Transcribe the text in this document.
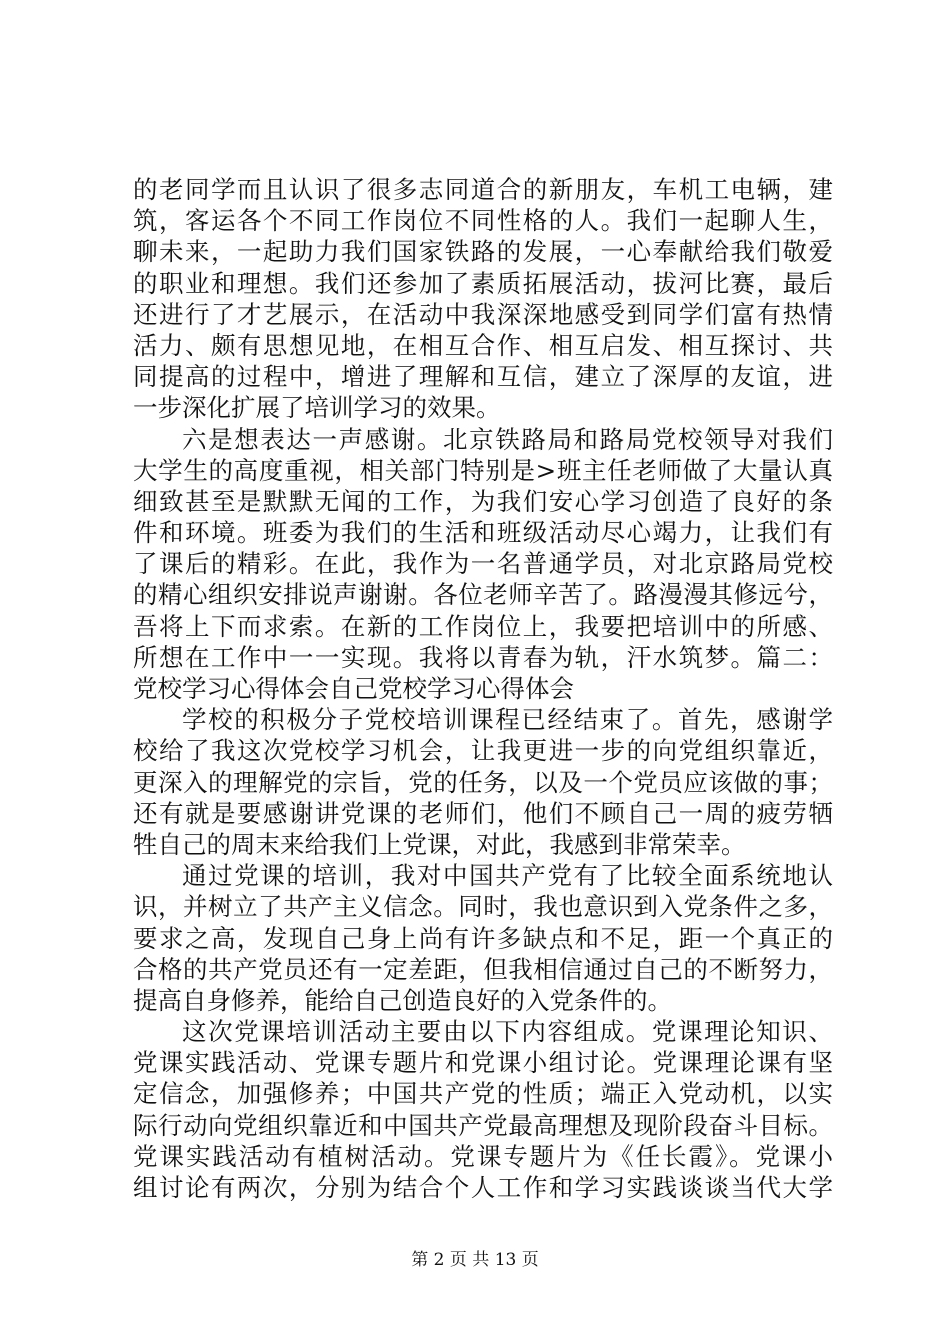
的老同学而且认识了很多志同道合的新朋友，车机工电辆，建
筑，客运各个不同工作岗位不同性格的人。我们一起聊人生，
聊未来，一起助力我们国家铁路的发展，一心奉献给我们敬爱
的职业和理想。我们还参加了素质拓展活动，拔河比赛，最后
还进行了才艺展示，在活动中我深深地感受到同学们富有热情
活力、颇有思想见地，在相互合作、相互启发、相互探讨、共
同提高的过程中，增进了理解和互信，建立了深厚的友谊，进
一步深化扩展了培训学习的效果。
六是想表达一声感谢。北京铁路局和路局党校领导对我们
大学生的高度重视，相关部门特别是>班主任老师做了大量认真
细致甚至是默默无闻的工作，为我们安心学习创造了良好的条
件和环境。班委为我们的生活和班级活动尽心竭力，让我们有
了课后的精彩。在此，我作为一名普通学员，对北京路局党校
的精心组织安排说声谢谢。各位老师辛苦了。路漫漫其修远兮，
吾将上下而求索。在新的工作岗位上，我要把培训中的所感、
所想在工作中一一实现。我将以青春为轨，汗水筑梦。篇二：
党校学习心得体会自己党校学习心得体会
学校的积极分子党校培训课程已经结束了。首先，感谢学
校给了我这次党校学习机会，让我更进一步的向党组织靠近，
更深入的理解党的宗旨，党的任务，以及一个党员应该做的事；
还有就是要感谢讲党课的老师们，他们不顾自己一周的疲劳牺
牲自己的周末来给我们上党课，对此，我感到非常荣幸。
通过党课的培训，我对中国共产党有了比较全面系统地认
识，并树立了共产主义信念。同时，我也意识到入党条件之多，
要求之高，发现自己身上尚有许多缺点和不足，距一个真正的
合格的共产党员还有一定差距，但我相信通过自己的不断努力，
提高自身修养，能给自己创造良好的入党条件的。
这次党课培训活动主要由以下内容组成。党课理论知识、
党课实践活动、党课专题片和党课小组讨论。党课理论课有坚
定信念，加强修养；中国共产党的性质；端正入党动机，以实
际行动向党组织靠近和中国共产党最高理想及现阶段奋斗目标。
党课实践活动有植树活动。党课专题片为《任长霞》。党课小
组讨论有两次，分别为结合个人工作和学习实践谈谈当代大学
第 2 页 共 13 页
